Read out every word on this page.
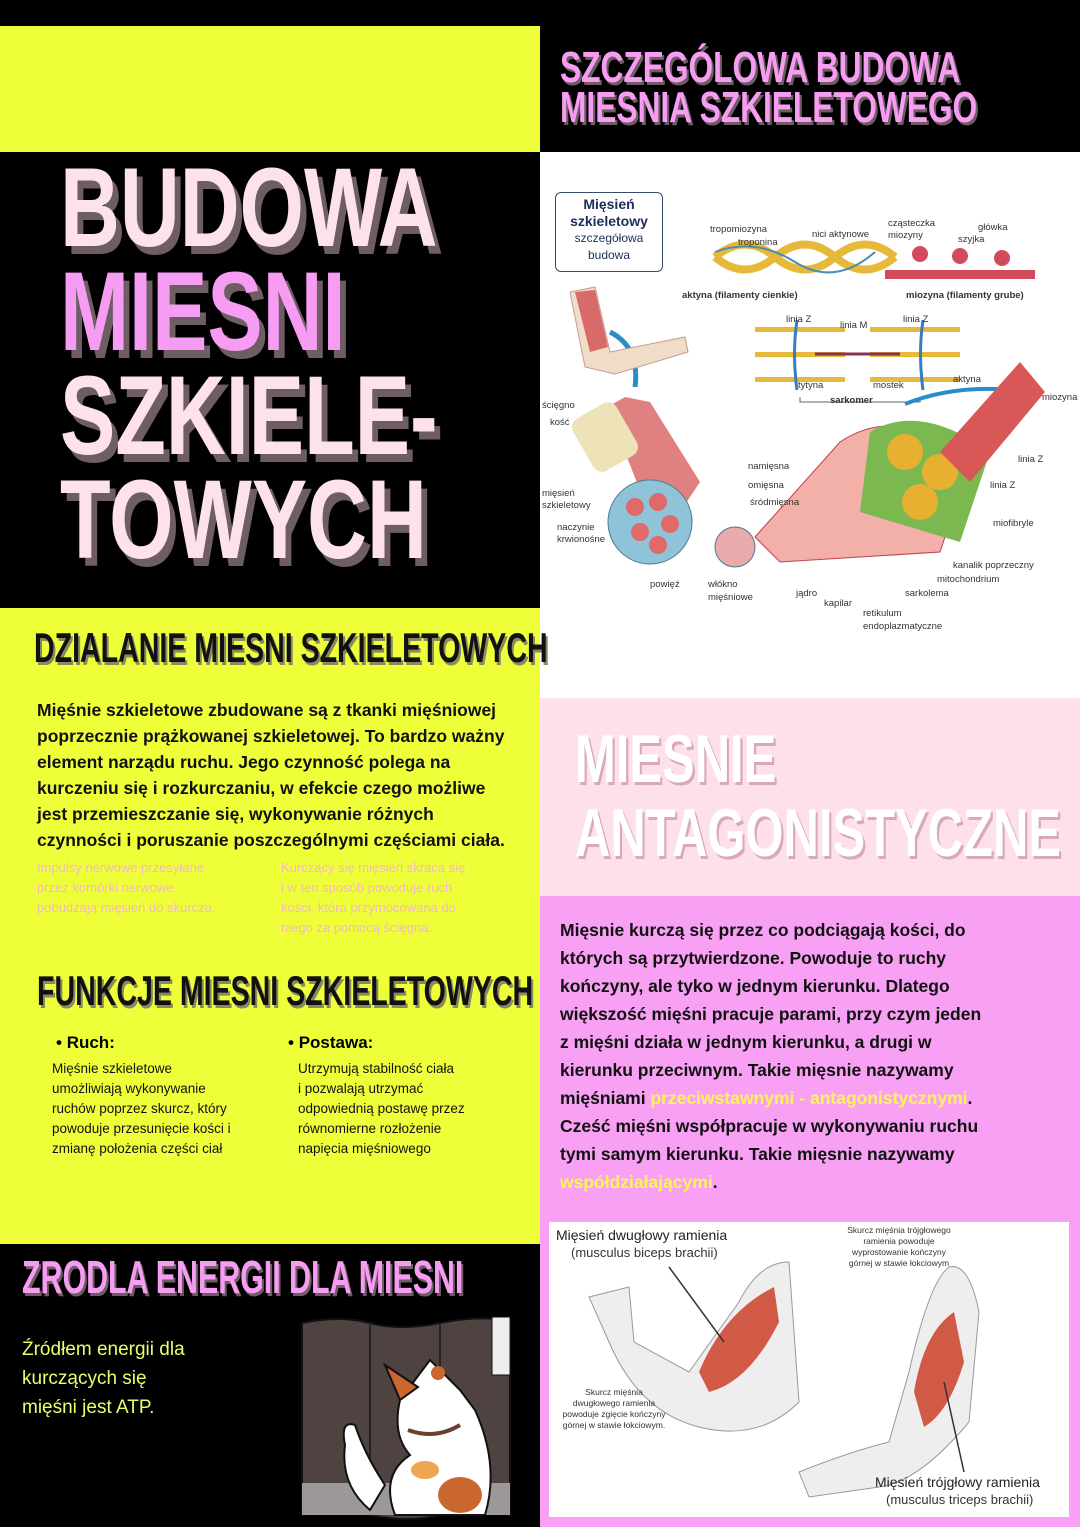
SZCZEGÓLOWA BUDOWA
MIESNIA SZKIELETOWEGO
BUDOWA
MIESNI
SZKIELE-
TOWYCH
Mięsień
szkieletowy
szczegółowa
budowa
tropomiozyna
troponina
nici aktynowe
cząsteczka
miozyny
główka
szyjka
aktyna (filamenty cienkie)	miozyna (filamenty grube)
linia Z
linia M
linia Z
tytyna	mostek
aktyna
miozyna
sarkomer
ścięgno
kość
mięsień
szkieletowy
naczynie
krwionośne
namięsna
omięsna
śródmięsna
linia Z
linia Z
miofibryle
kanalik poprzeczny
mitochondrium
sarkolema
powięź	włókno
mięśniowe	jądro
kapilar
retikulum
endoplazmatyczne
DZIALANIE MIESNI SZKIELETOWYCH
Mięśnie szkieletowe zbudowane są z tkanki mięśniowej
poprzecznie prążkowanej szkieletowej. To bardzo ważny
element narządu ruchu. Jego czynność polega na
kurczeniu się i rozkurczaniu, w efekcie czego możliwe
jest przemieszczanie się, wykonywanie różnych
czynności i poruszanie poszczególnymi częściami ciała.
Impulsy nerwowe przesyłane
przez komórki nerwowe
pobudzają mięsień do skurczu.
Kurczący się mięsień skraca się
i w ten sposób powoduje ruch
kości, która przymocowana do
niego za pomocą ścięgna.
FUNKCJE MIESNI SZKIELETOWYCH
• Ruch:
Mięśnie szkieletowe
umożliwiają wykonywanie
ruchów poprzez skurcz, który
powoduje przesunięcie kości i
zmianę położenia części ciał
• Postawa:
Utrzymują stabilność ciała
i pozwalają utrzymać
odpowiednią postawę przez
równomierne rozłożenie
napięcia mięśniowego
ZRODLA ENERGII DLA MIESNI
Źródłem energii dla
kurczących się
mięśni jest ATP.
MIESNIE
ANTAGONISTYCZNE
Mięsnie kurczą się przez co podciągają kości, do
których są przytwierdzone. Powoduje to ruchy
kończyny, ale tyko w jednym kierunku. Dlatego
większość mięśni pracuje parami, przy czym jeden
z mięśni działa w jednym kierunku, a drugi w
kierunku przeciwnym. Takie mięsnie nazywamy
mięśniami przeciwstawnymi - antagonistycznymi.
Cześć mięśni współpracuje w wykonywaniu ruchu
tymi samym kierunku. Takie mięsnie nazywamy
współdziałającymi.
Mięsień dwugłowy ramienia
(musculus biceps brachii)
Skurcz mięśnia
dwugłowego ramienia
powoduje zgięcie kończyny
górnej w stawie łokciowym.
Skurcz mięśnia trójgłowego
ramienia powoduje
wyprostowanie kończyny
górnej w stawie łokciowym
Mięsień trójgłowy ramienia
(musculus triceps brachii)
